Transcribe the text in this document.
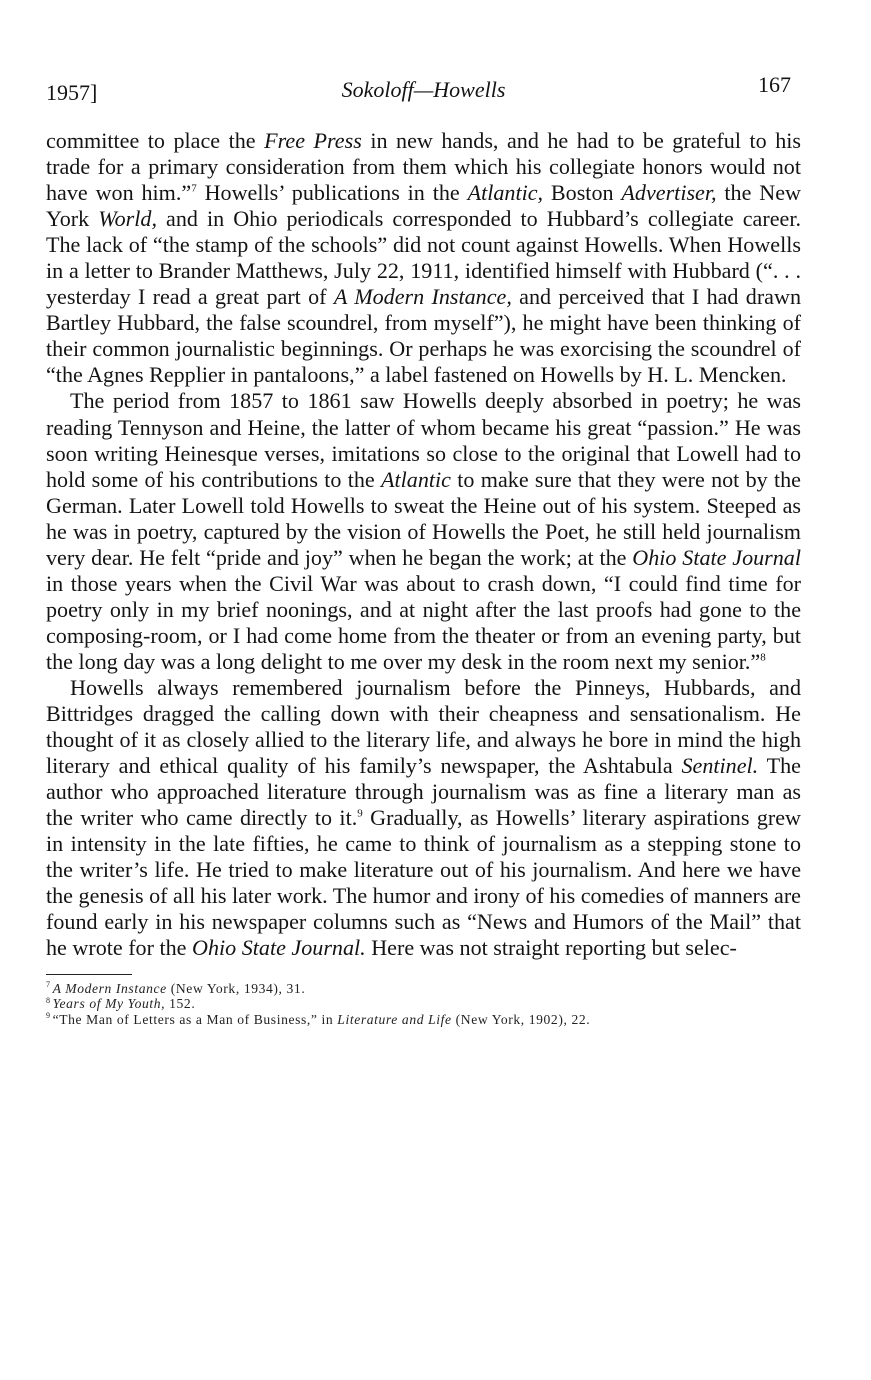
1957]	Sokoloff—Howells	167

committee to place the Free Press in new hands, and he had to be grateful to his trade for a primary consideration from them which his collegiate honors would not have won him.”$^7$ Howells’ publications in the Atlantic, Boston Advertiser, the New York World, and in Ohio periodicals corresponded to Hubbard’s collegiate career. The lack of “the stamp of the schools” did not count against Howells. When Howells in a letter to Brander Matthews, July 22, 1911, identified himself with Hubbard (“. . . yesterday I read a great part of A Modern Instance, and perceived that I had drawn Bartley Hubbard, the false scoundrel, from myself”), he might have been thinking of their common journalistic beginnings. Or perhaps he was exorcising the scoundrel of “the Agnes Repplier in pantaloons,” a label fastened on Howells by H. L. Mencken.

The period from 1857 to 1861 saw Howells deeply absorbed in poetry; he was reading Tennyson and Heine, the latter of whom became his great “passion.” He was soon writing Heinesque verses, imitations so close to the original that Lowell had to hold some of his contributions to the Atlantic to make sure that they were not by the German. Later Lowell told Howells to sweat the Heine out of his system. Steeped as he was in poetry, captured by the vision of Howells the Poet, he still held journalism very dear. He felt “pride and joy” when he began the work; at the Ohio State Journal in those years when the Civil War was about to crash down, “I could find time for poetry only in my brief noonings, and at night after the last proofs had gone to the composing-room, or I had come home from the theater or from an evening party, but the long day was a long delight to me over my desk in the room next my senior.”$^8$

Howells always remembered journalism before the Pinneys, Hubbards, and Bittridges dragged the calling down with their cheapness and sensationalism. He thought of it as closely allied to the literary life, and always he bore in mind the high literary and ethical quality of his family’s newspaper, the Ashtabula Sentinel. The author who approached literature through journalism was as fine a literary man as the writer who came directly to it.$^9$ Gradually, as Howells’ literary aspirations grew in intensity in the late fifties, he came to think of journalism as a stepping stone to the writer’s life. He tried to make literature out of his journalism. And here we have the genesis of all his later work. The humor and irony of his comedies of manners are found early in his newspaper columns such as “News and Humors of the Mail” that he wrote for the Ohio State Journal. Here was not straight reporting but selec-

$^7$ A Modern Instance (New York, 1934), 31.
$^8$ Years of My Youth, 152.
$^9$ “The Man of Letters as a Man of Business,” in Literature and Life (New York, 1902), 22.
